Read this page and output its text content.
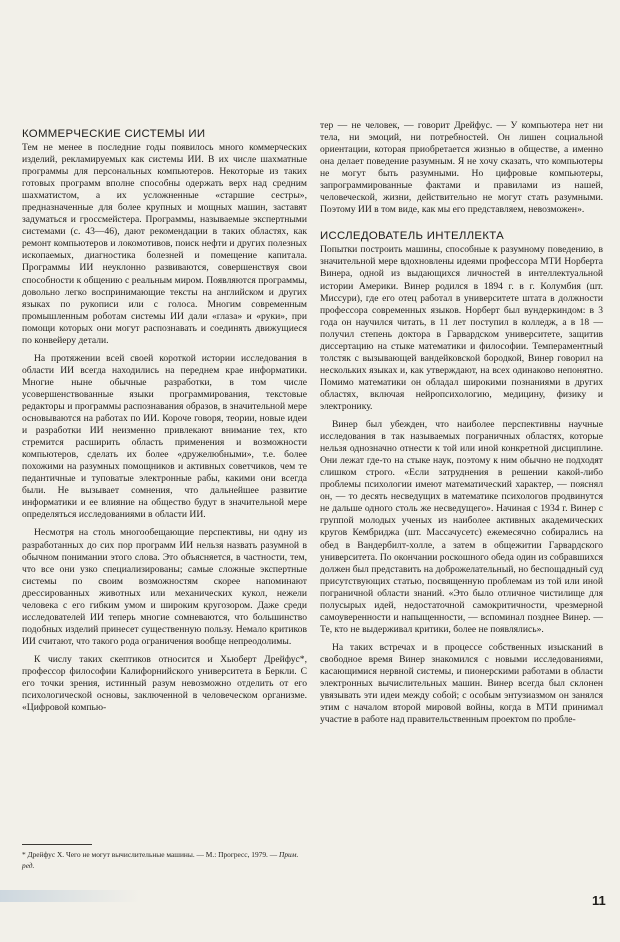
КОММЕРЧЕСКИЕ СИСТЕМЫ ИИ

Тем не менее в последние годы появилось много коммерческих изделий, рекламируемых как системы ИИ. В их числе шахматные программы для персональных компьютеров. Некоторые из таких готовых программ вполне способны одержать верх над средним шахматистом, а их усложненные «старшие сестры», предназначенные для более крупных и мощных машин, заставят задуматься и гроссмейстера. Программы, называемые экспертными системами (с. 43—46), дают рекомендации в таких областях, как ремонт компьютеров и локомотивов, поиск нефти и других полезных ископаемых, диагностика болезней и помещение капитала. Программы ИИ неуклонно развиваются, совершенствуя свои способности к общению с реальным миром. Появляются программы, довольно легко воспринимающие тексты на английском и других языках по рукописи или с голоса. Многим современным промышленным роботам системы ИИ дали «глаза» и «руки», при помощи которых они могут распознавать и соединять движущиеся по конвейеру детали.

На протяжении всей своей короткой истории исследования в области ИИ всегда находились на переднем крае информатики. Многие ныне обычные разработки, в том числе усовершенствованные языки программирования, текстовые редакторы и программы распознавания образов, в значительной мере основываются на работах по ИИ. Короче говоря, теории, новые идеи и разработки ИИ неизменно привлекают внимание тех, кто стремится расширить область применения и возможности компьютеров, сделать их более «дружелюбными», т.е. более похожими на разумных помощников и активных советчиков, чем те педантичные и туповатые электронные рабы, какими они всегда были. Не вызывает сомнения, что дальнейшее развитие информатики и ее влияние на общество будут в значительной мере определяться исследованиями в области ИИ.

Несмотря на столь многообещающие перспективы, ни одну из разработанных до сих пор программ ИИ нельзя назвать разумной в обычном понимании этого слова. Это объясняется, в частности, тем, что все они узко специализированы; самые сложные экспертные системы по своим возможностям скорее напоминают дрессированных животных или механических кукол, нежели человека с его гибким умом и широким кругозором. Даже среди исследователей ИИ теперь многие сомневаются, что большинство подобных изделий принесет существенную пользу. Немало критиков ИИ считают, что такого рода ограничения вообще непреодолимы.

К числу таких скептиков относится и Хьюберт Дрейфус*, профессор философии Калифорнийского университета в Беркли. С его точки зрения, истинный разум невозможно отделить от его психологической основы, заключенной в человеческом организме. «Цифровой компью-

тер — не человек, — говорит Дрейфус. — У компьютера нет ни тела, ни эмоций, ни потребностей. Он лишен социальной ориентации, которая приобретается жизнью в обществе, а именно она делает поведение разумным. Я не хочу сказать, что компьютеры не могут быть разумными. Но цифровые компьютеры, запрограммированные фактами и правилами из нашей, человеческой, жизни, действительно не могут стать разумными. Поэтому ИИ в том виде, как мы его представляем, невозможен».

ИССЛЕДОВАТЕЛЬ ИНТЕЛЛЕКТА

Попытки построить машины, способные к разумному поведению, в значительной мере вдохновлены идеями профессора МТИ Норберта Винера, одной из выдающихся личностей в интеллектуальной истории Америки. Винер родился в 1894 г. в г. Колумбия (шт. Миссури), где его отец работал в университете штата в должности профессора современных языков. Норберт был вундеркиндом: в 3 года он научился читать, в 11 лет поступил в колледж, а в 18 — получил степень доктора в Гарвардском университете, защитив диссертацию на стыке математики и философии. Темпераментный толстяк с вызывающей вандейковской бородкой, Винер говорил на нескольких языках и, как утверждают, на всех одинаково непонятно. Помимо математики он обладал широкими познаниями в других областях, включая нейропсихологию, медицину, физику и электронику.

Винер был убежден, что наиболее перспективны научные исследования в так называемых пограничных областях, которые нельзя однозначно отнести к той или иной конкретной дисциплине. Они лежат где-то на стыке наук, поэтому к ним обычно не подходят слишком строго. «Если затруднения в решении какой-либо проблемы психологии имеют математический характер, — пояснял он, — то десять несведущих в математике психологов продвинутся не дальше одного столь же несведущего». Начиная с 1934 г. Винер с группой молодых ученых из наиболее активных академических кругов Кембриджа (шт. Массачусетс) ежемесячно собирались на обед в Вандербилт-холле, а затем в общежитии Гарвардского университета. По окончании роскошного обеда один из собравшихся должен был представить на доброжелательный, но беспощадный суд присутствующих статью, посвященную проблемам из той или иной пограничной области знаний. «Это было отличное чистилище для полусырых идей, недостаточной самокритичности, чрезмерной самоуверенности и напыщенности, — вспоминал позднее Винер. — Те, кто не выдерживал критики, более не появлялись».

На таких встречах и в процессе собственных изысканий в свободное время Винер знакомился с новыми исследованиями, касающимися нервной системы, и пионерскими работами в области электронных вычислительных машин. Винер всегда был склонен увязывать эти идеи между собой; с особым энтузиазмом он занялся этим с началом второй мировой войны, когда в МТИ принимал участие в работе над правительственным проектом по пробле-

* Дрейфус Х. Чего не могут вычислительные машины. — М.: Прогресс, 1979. — Прим. ред.
11
